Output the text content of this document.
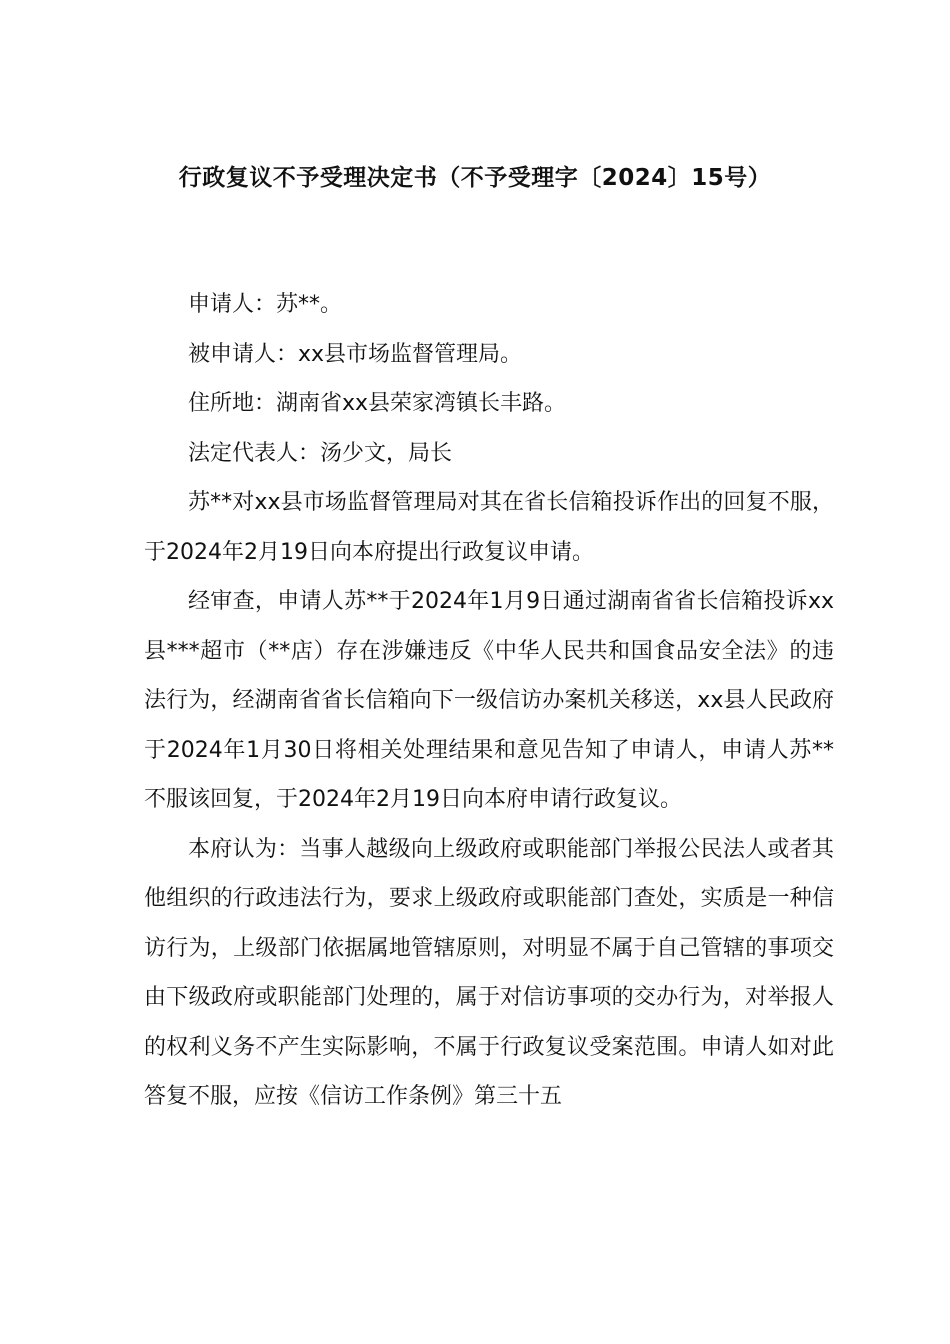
行政复议不予受理决定书（不予受理字〔2024〕15号）

申请人：苏**。

被申请人：xx县市场监督管理局。

住所地：湖南省xx县荣家湾镇长丰路。

法定代表人：汤少文，局长

苏**对xx县市场监督管理局对其在省长信箱投诉作出的回复不服，于2024年2月19日向本府提出行政复议申请。

经审查，申请人苏**于2024年1月9日通过湖南省省长信箱投诉xx县***超市（**店）存在涉嫌违反《中华人民共和国食品安全法》的违法行为，经湖南省省长信箱向下一级信访办案机关移送，xx县人民政府于2024年1月30日将相关处理结果和意见告知了申请人，申请人苏**不服该回复，于2024年2月19日向本府申请行政复议。

本府认为：当事人越级向上级政府或职能部门举报公民法人或者其他组织的行政违法行为，要求上级政府或职能部门查处，实质是一种信访行为，上级部门依据属地管辖原则，对明显不属于自己管辖的事项交由下级政府或职能部门处理的，属于对信访事项的交办行为，对举报人的权利义务不产生实际影响，不属于行政复议受案范围。申请人如对此答复不服，应按《信访工作条例》第三十五
